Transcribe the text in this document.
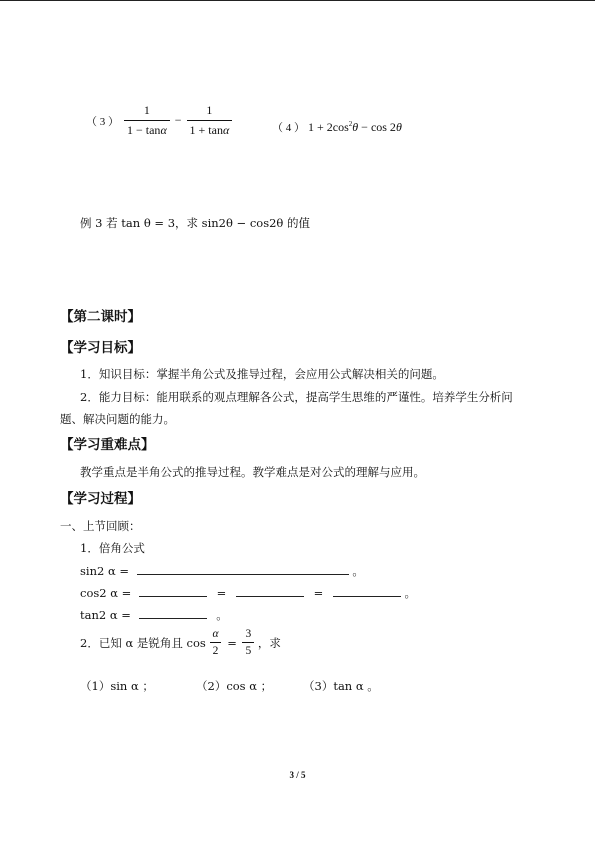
（ 3 ） $\frac{1}{1 - \tan\alpha} - \frac{1}{1 + \tan\alpha}$	（ 4 ） $1 + 2\cos^2\theta - \cos 2\theta$
例 3 若 tan θ = 3，求 sin2θ − cos2θ 的值
【第二课时】
【学习目标】
1．知识目标：掌握半角公式及推导过程，会应用公式解决相关的问题。
2．能力目标：能用联系的观点理解各公式，提高学生思维的严谨性。培养学生分析问
题、解决问题的能力。
【学习重难点】
教学重点是半角公式的推导过程。教学难点是对公式的理解与应用。
【学习过程】
一、上节回顾：
1．倍角公式
sin2 α =	。
cos2 α =	=	=	。
tan2 α =	。
2．已知 α 是锐角且 $\cos \frac{\alpha}{2} = \frac{3}{5}$ ，求
（1）sin α ；	（2）cos α ；	（3）tan α 。
3 / 5
